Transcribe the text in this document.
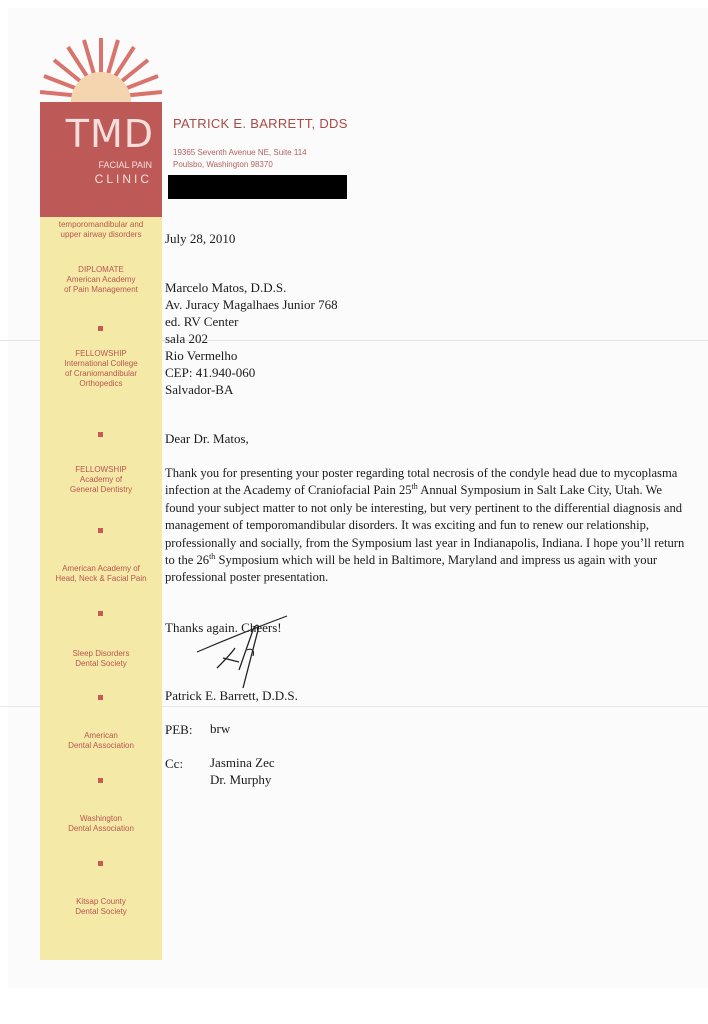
TMD
FACIAL PAIN
CLINIC
temporomandibular and
upper airway disorders
DIPLOMATE
American Academy
of Pain Management
FELLOWSHIP
International College
of Craniomandibular
Orthopedics
FELLOWSHIP
Academy of
General Dentistry
American Academy of
Head, Neck & Facial Pain
Sleep Disorders
Dental Society
American
Dental Association
Washington
Dental Association
Kitsap County
Dental Society
PATRICK E. BARRETT, DDS
19365 Seventh Avenue NE, Suite 114
Poulsbo, Washington 98370
July 28, 2010
Marcelo Matos, D.D.S.
Av. Juracy Magalhaes Junior 768
ed. RV Center
sala 202
Rio Vermelho
CEP: 41.940-060
Salvador-BA
Dear Dr. Matos,
Thank you for presenting your poster regarding total necrosis of the condyle head due to mycoplasma infection at the Academy of Craniofacial Pain 25th Annual Symposium in Salt Lake City, Utah. We found your subject matter to not only be interesting, but very pertinent to the differential diagnosis and management of temporomandibular disorders. It was exciting and fun to renew our relationship, professionally and socially, from the Symposium last year in Indianapolis, Indiana. I hope you’ll return to the 26th Symposium which will be held in Baltimore, Maryland and impress us again with your professional poster presentation.
Thanks again. Cheers!
Patrick E. Barrett, D.D.S.
PEB: brw
Cc: Jasmina Zec
Dr. Murphy
